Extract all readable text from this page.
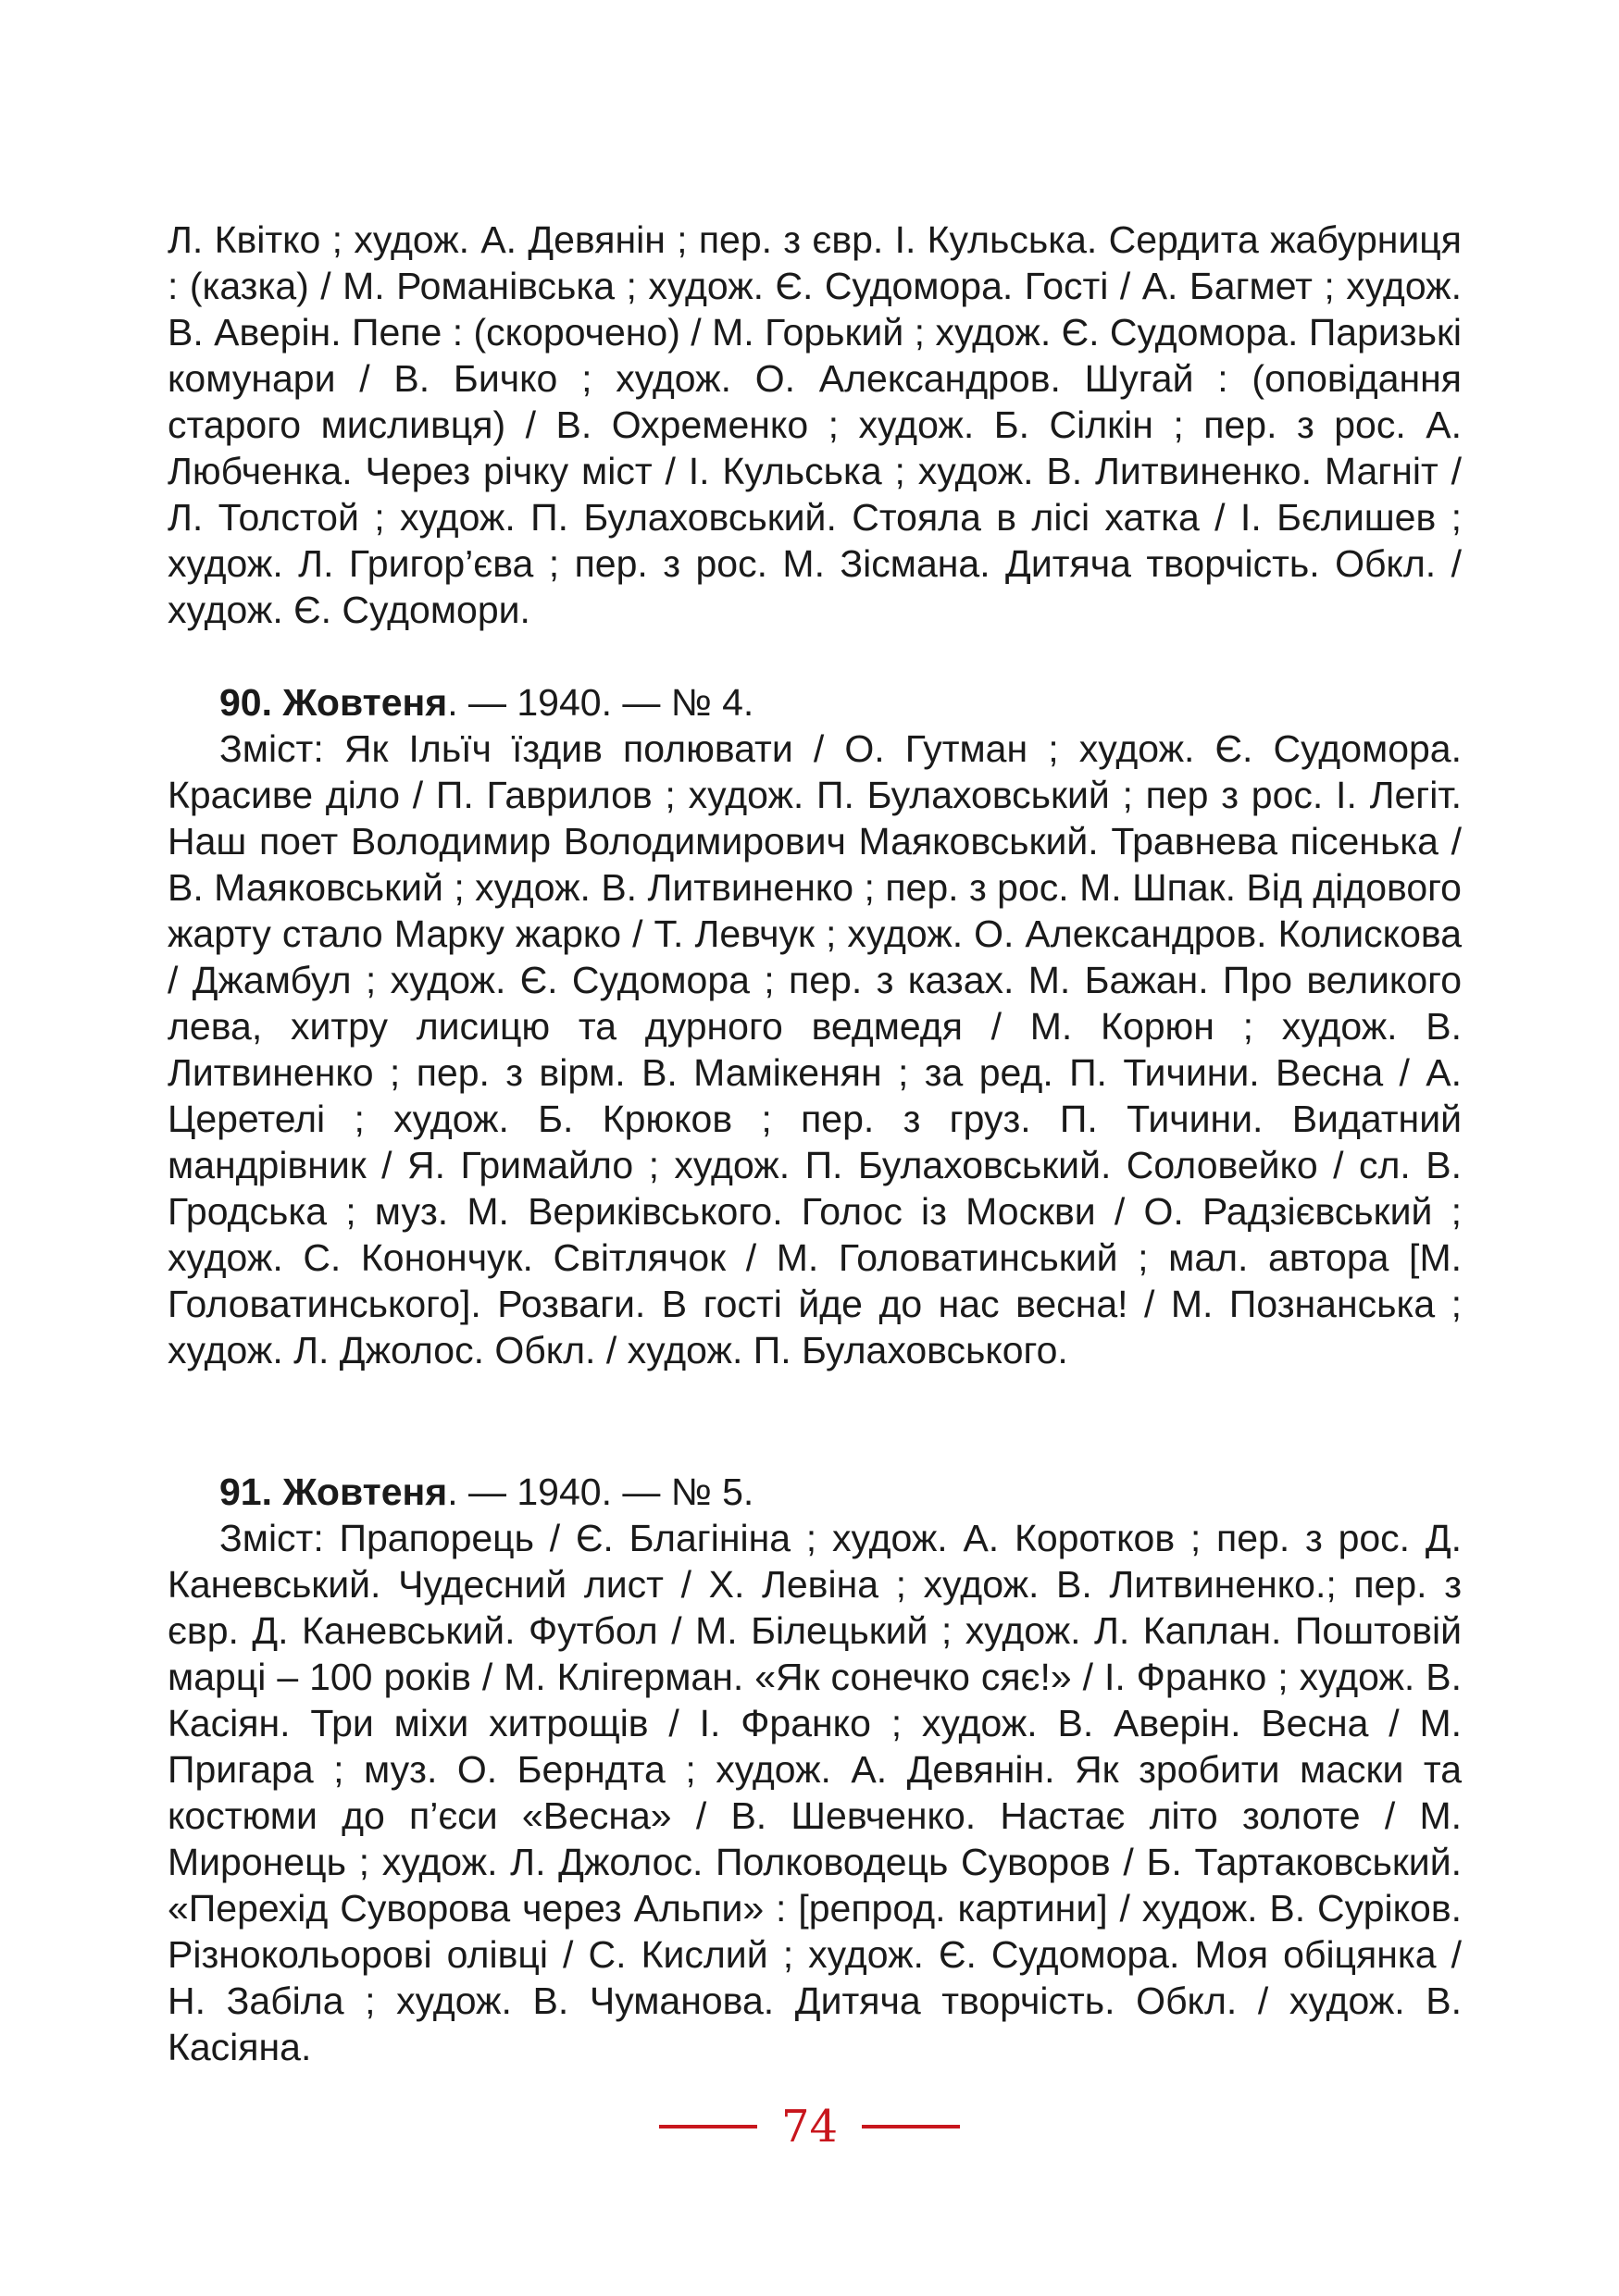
Л. Квітко ; худож. А. Девянін ; пер. з євр. І. Кульська. Сердита жабурниця : (казка) / М. Романівська ; худож. Є. Судомора. Гості / А. Багмет ; худож. В. Аверін. Пепе : (скорочено) / М. Горький ; худож. Є. Судомора. Паризькі комунари / В. Бичко ; худож. О. Александров. Шугай : (оповідання старого мисливця) / В. Охременко ; худож. Б. Сілкін ; пер. з рос. А. Любченка. Через річку міст / І. Кульська ; худож. В. Литвиненко. Магніт / Л. Толстой ; худож. П. Булаховський. Стояла в лісі хатка / І. Бєлишев ; худож. Л. Григор’єва ; пер. з рос. М. Зісмана. Дитяча творчість. Обкл. / худож. Є. Судомори.

90. Жовтеня. — 1940. — № 4.

Зміст: Як Ільїч їздив полювати / О. Гутман ; худож. Є. Судомора. Красиве діло / П. Гаврилов ; худож. П. Булаховський ; пер з рос. І. Легіт. Наш поет Володимир Володимирович Маяковський. Травнева пісенька / В. Маяковський ; худож. В. Литвиненко ; пер. з рос. М. Шпак. Від дідового жарту стало Марку жарко / Т. Левчук ; худож. О. Александров. Колискова / Джамбул ; худож. Є. Судомора ; пер. з казах. М. Бажан. Про великого лева, хитру лисицю та дурного ведмедя / М. Корюн ; худож. В. Литвиненко ; пер. з вірм. В. Мамікенян ; за ред. П. Тичини. Весна / А. Церетелі ; худож. Б. Крюков ; пер. з груз. П. Тичини. Видатний мандрівник / Я. Гримайло ; худож. П. Булаховський. Соловейко / сл. В. Гродська ; муз. М. Вериківського. Голос із Москви / О. Радзієвський ; худож. С. Конончук. Світлячок / М. Головатинський ; мал. автора [М. Головатинського]. Розваги. В гості йде до нас весна! / М. Познанська ; худож. Л. Джолос. Обкл. / худож. П. Булаховського.

91. Жовтеня. — 1940. — № 5.

Зміст: Прапорець / Є. Благініна ; худож. А. Коротков ; пер. з рос. Д. Каневський. Чудесний лист / Х. Левіна ; худож. В. Литвиненко.; пер. з євр. Д. Каневський. Футбол / М. Білецький ; худож. Л. Каплан. Поштовій марці – 100 років / М. Клігерман. «Як сонечко сяє!» / І. Франко ; худож. В. Касіян. Три міхи хитрощів / І. Франко ; худож. В. Аверін. Весна / М. Пригара ; муз. О. Берндта ; худож. А. Девянін. Як зробити маски та костюми до п’єси «Весна» / В. Шевченко. Настає літо золоте / М. Миронець ; худож. Л. Джолос. Полководець Суворов / Б. Тартаковський. «Перехід Суворова через Альпи» : [репрод. картини] / худож. В. Суріков. Різнокольорові олівці / С. Кислий ; худож. Є. Судомора. Моя обіцянка / Н. Забіла ; худож. В. Чуманова. Дитяча творчість. Обкл. / худож. В. Касіяна.

74
